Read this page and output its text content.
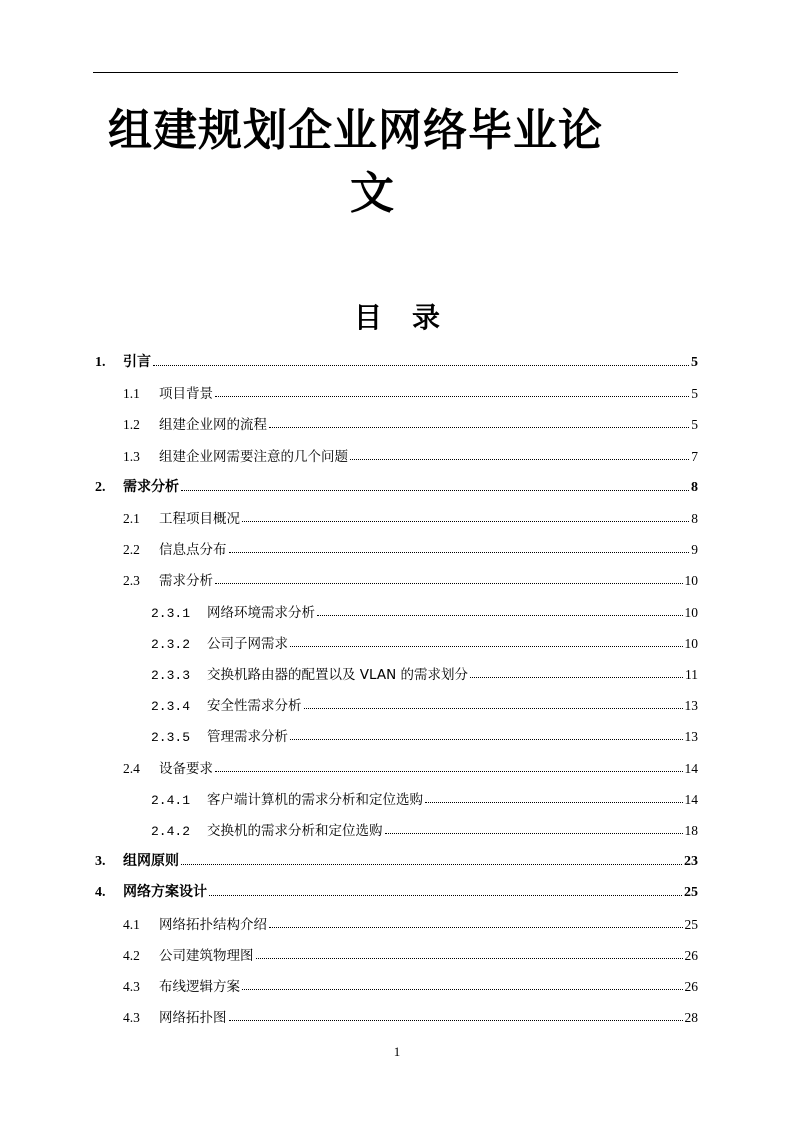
组建规划企业网络毕业论
文
目录
1.	引言	5
1.1	项目背景	5
1.2	组建企业网的流程	5
1.3	组建企业网需要注意的几个问题	7
2.	需求分析	8
2.1	工程项目概况	8
2.2	信息点分布	9
2.3	需求分析	10
2.3.1	网络环境需求分析	10
2.3.2	公司子网需求	10
2.3.3	交换机路由器的配置以及 VLAN 的需求划分	11
2.3.4	安全性需求分析	13
2.3.5	管理需求分析	13
2.4	设备要求	14
2.4.1	客户端计算机的需求分析和定位选购	14
2.4.2	交换机的需求分析和定位选购	18
3.	组网原则	23
4.	网络方案设计	25
4.1	网络拓扑结构介绍	25
4.2	公司建筑物理图	26
4.3	布线逻辑方案	26
4.3	网络拓扑图	28
1
